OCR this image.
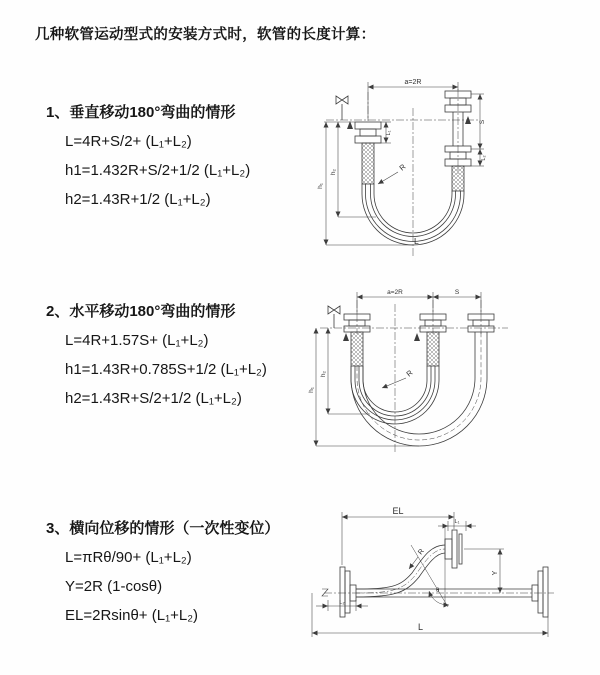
几种软管运动型式的安装方式时，软管的长度计算：
1、垂直移动180°弯曲的情形
L=4R+S/2+ (L₁+L₂)
h1=1.432R+S/2+1/2 (L₁+L₂)
h2=1.43R+1/2 (L₁+L₂)
2、水平移动180°弯曲的情形
L=4R+1.57S+ (L₁+L₂)
h1=1.43R+0.785S+1/2 (L₁+L₂)
h2=1.43R+S/2+1/2 (L₁+L₂)
3、横向位移的情形（一次性变位）
L=πRθ/90+ (L₁+L₂)
Y=2R (1-cosθ)
EL=2Rsinθ+ (L₁+L₂)
a=2R
h₁
h₂
S
L₂
L₁
R
L
a=2R	S
h₁
h₂	R
EL
L₁
Y
R
θ
L₂
L
